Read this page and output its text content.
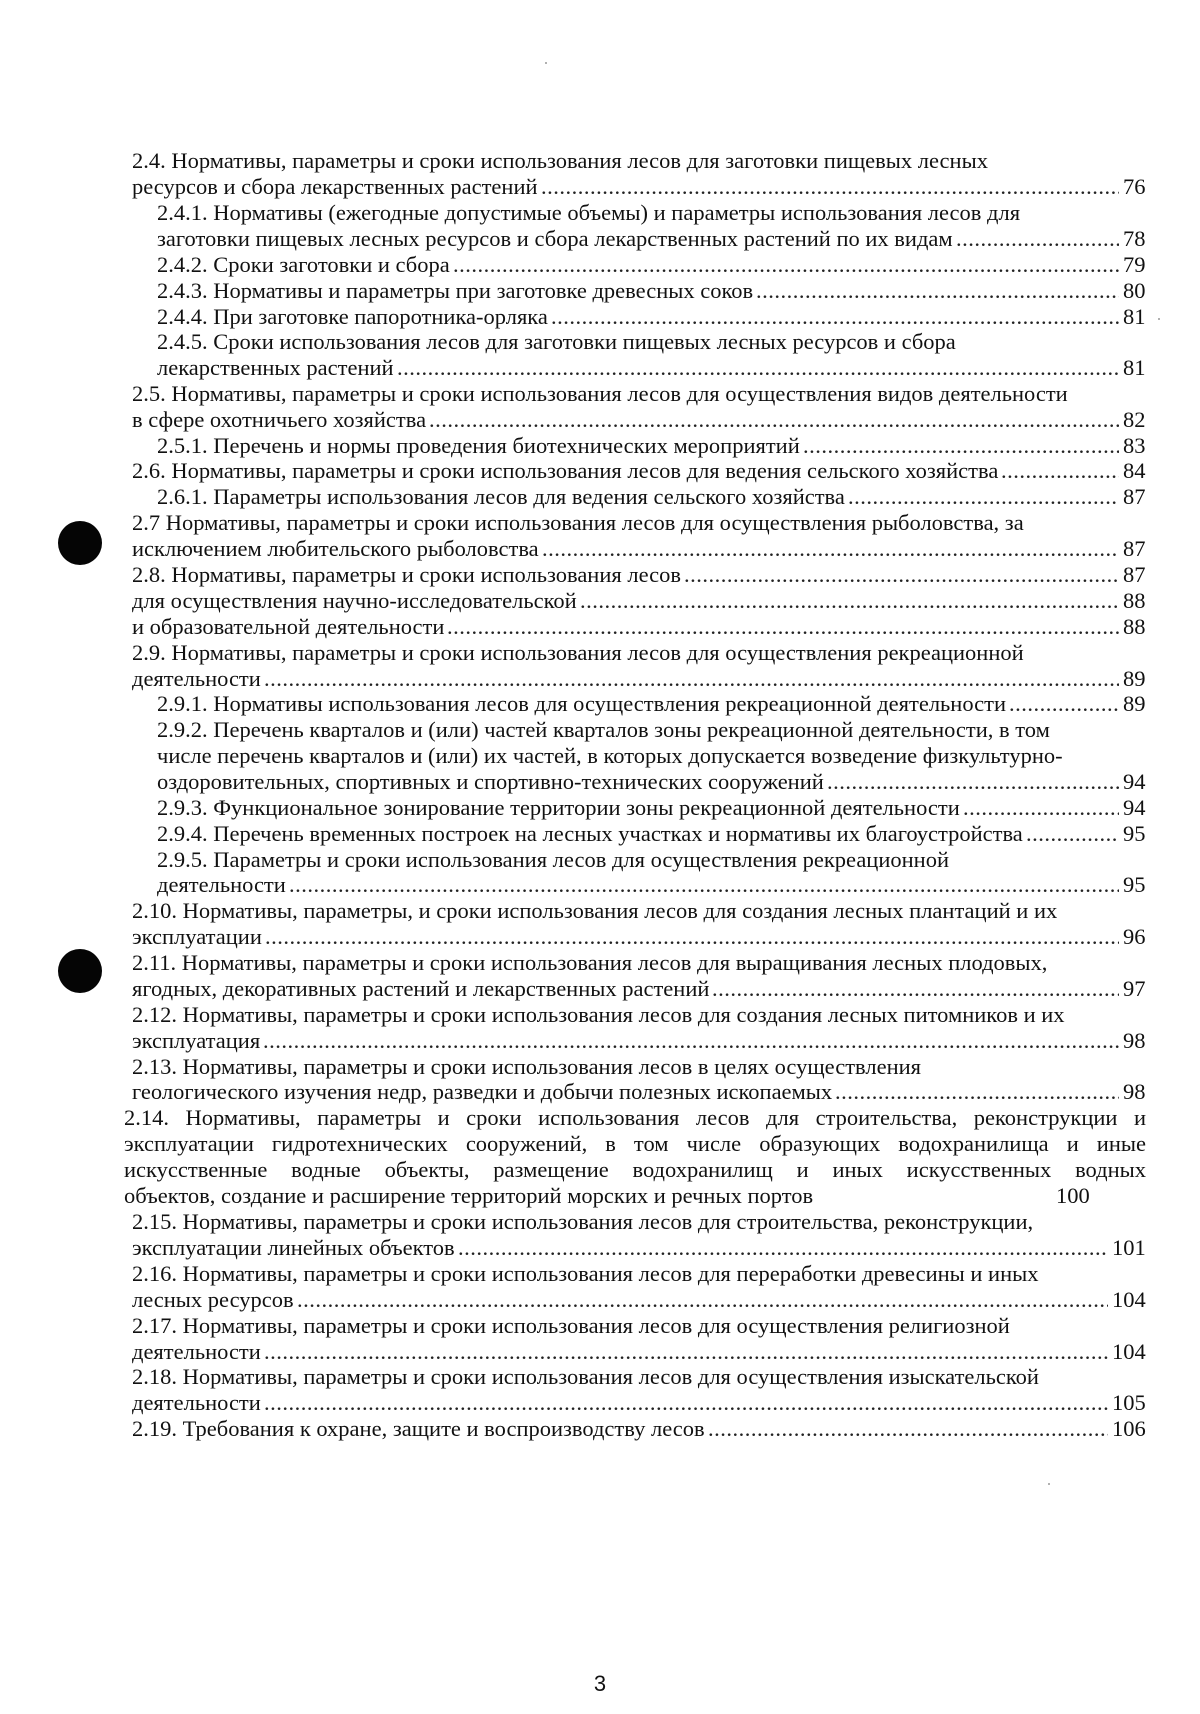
2.4. Нормативы, параметры и сроки использования лесов для заготовки пищевых лесных
ресурсов и сбора лекарственных растений	76
.....
2.4.1. Нормативы (ежегодные допустимые объемы) и параметры использования лесов для
заготовки пищевых лесных ресурсов и сбора лекарственных растений по их видам	78
.....
2.4.2. Сроки заготовки и сбора	79
.....
2.4.3. Нормативы и параметры при заготовке древесных соков	80
.....
2.4.4. При заготовке папоротника-орляка	81
.....
2.4.5. Сроки использования лесов для заготовки пищевых лесных ресурсов и сбора
лекарственных растений	81
.....
2.5. Нормативы, параметры и сроки использования лесов для осуществления видов деятельности
в сфере охотничьего хозяйства	82
.....
2.5.1. Перечень и нормы проведения биотехнических мероприятий	83
.....
2.6. Нормативы, параметры и сроки использования лесов для ведения сельского хозяйства	84
.....
2.6.1. Параметры использования лесов для ведения сельского хозяйства	87
.....
2.7 Нормативы, параметры и сроки использования лесов для осуществления рыболовства, за
исключением любительского рыболовства	87
.....
2.8. Нормативы, параметры и сроки использования лесов	87
.....
для осуществления научно-исследовательской	88
.....
и образовательной деятельности	88
.....
2.9. Нормативы, параметры и сроки использования лесов для осуществления рекреационной
деятельности	89
.....
2.9.1. Нормативы использования лесов для осуществления рекреационной деятельности	89
.....
2.9.2. Перечень кварталов и (или) частей кварталов зоны рекреационной деятельности, в том
числе перечень кварталов и (или) их частей, в которых допускается возведение физкультурно-
оздоровительных, спортивных и спортивно-технических сооружений	94
.....
2.9.3. Функциональное зонирование территории зоны рекреационной деятельности	94
.....
2.9.4. Перечень временных построек на лесных участках и нормативы их благоустройства	95
.....
2.9.5. Параметры и сроки использования лесов для осуществления рекреационной
деятельности	95
.....
2.10. Нормативы, параметры, и сроки использования лесов для создания лесных плантаций и их
эксплуатации	96
.....
2.11. Нормативы, параметры и сроки использования лесов для выращивания лесных плодовых,
ягодных, декоративных растений и лекарственных растений	97
.....
2.12. Нормативы, параметры и сроки использования лесов для создания лесных питомников и их
эксплуатация	98
.....
2.13. Нормативы, параметры и сроки использования лесов в целях осуществления
геологического изучения недр, разведки и добычи полезных ископаемых	98
.....
2.14. Нормативы, параметры и сроки использования лесов для строительства, реконструкции и
эксплуатации гидротехнических сооружений, в том числе образующих водохранилища и иные
искусственные водные объекты, размещение водохранилищ и иных искусственных водных
объектов, создание и расширение территорий морских и речных портов	100
2.15. Нормативы, параметры и сроки использования лесов для строительства, реконструкции,
эксплуатации линейных объектов	101
.....
2.16. Нормативы, параметры и сроки использования лесов для переработки древесины и иных
лесных ресурсов	104
.....
2.17. Нормативы, параметры и сроки использования лесов для осуществления религиозной
деятельности	104
.....
2.18. Нормативы, параметры и сроки использования лесов для осуществления изыскательской
деятельности	105
.....
2.19. Требования к охране, защите и воспроизводству лесов	106
.....
3
